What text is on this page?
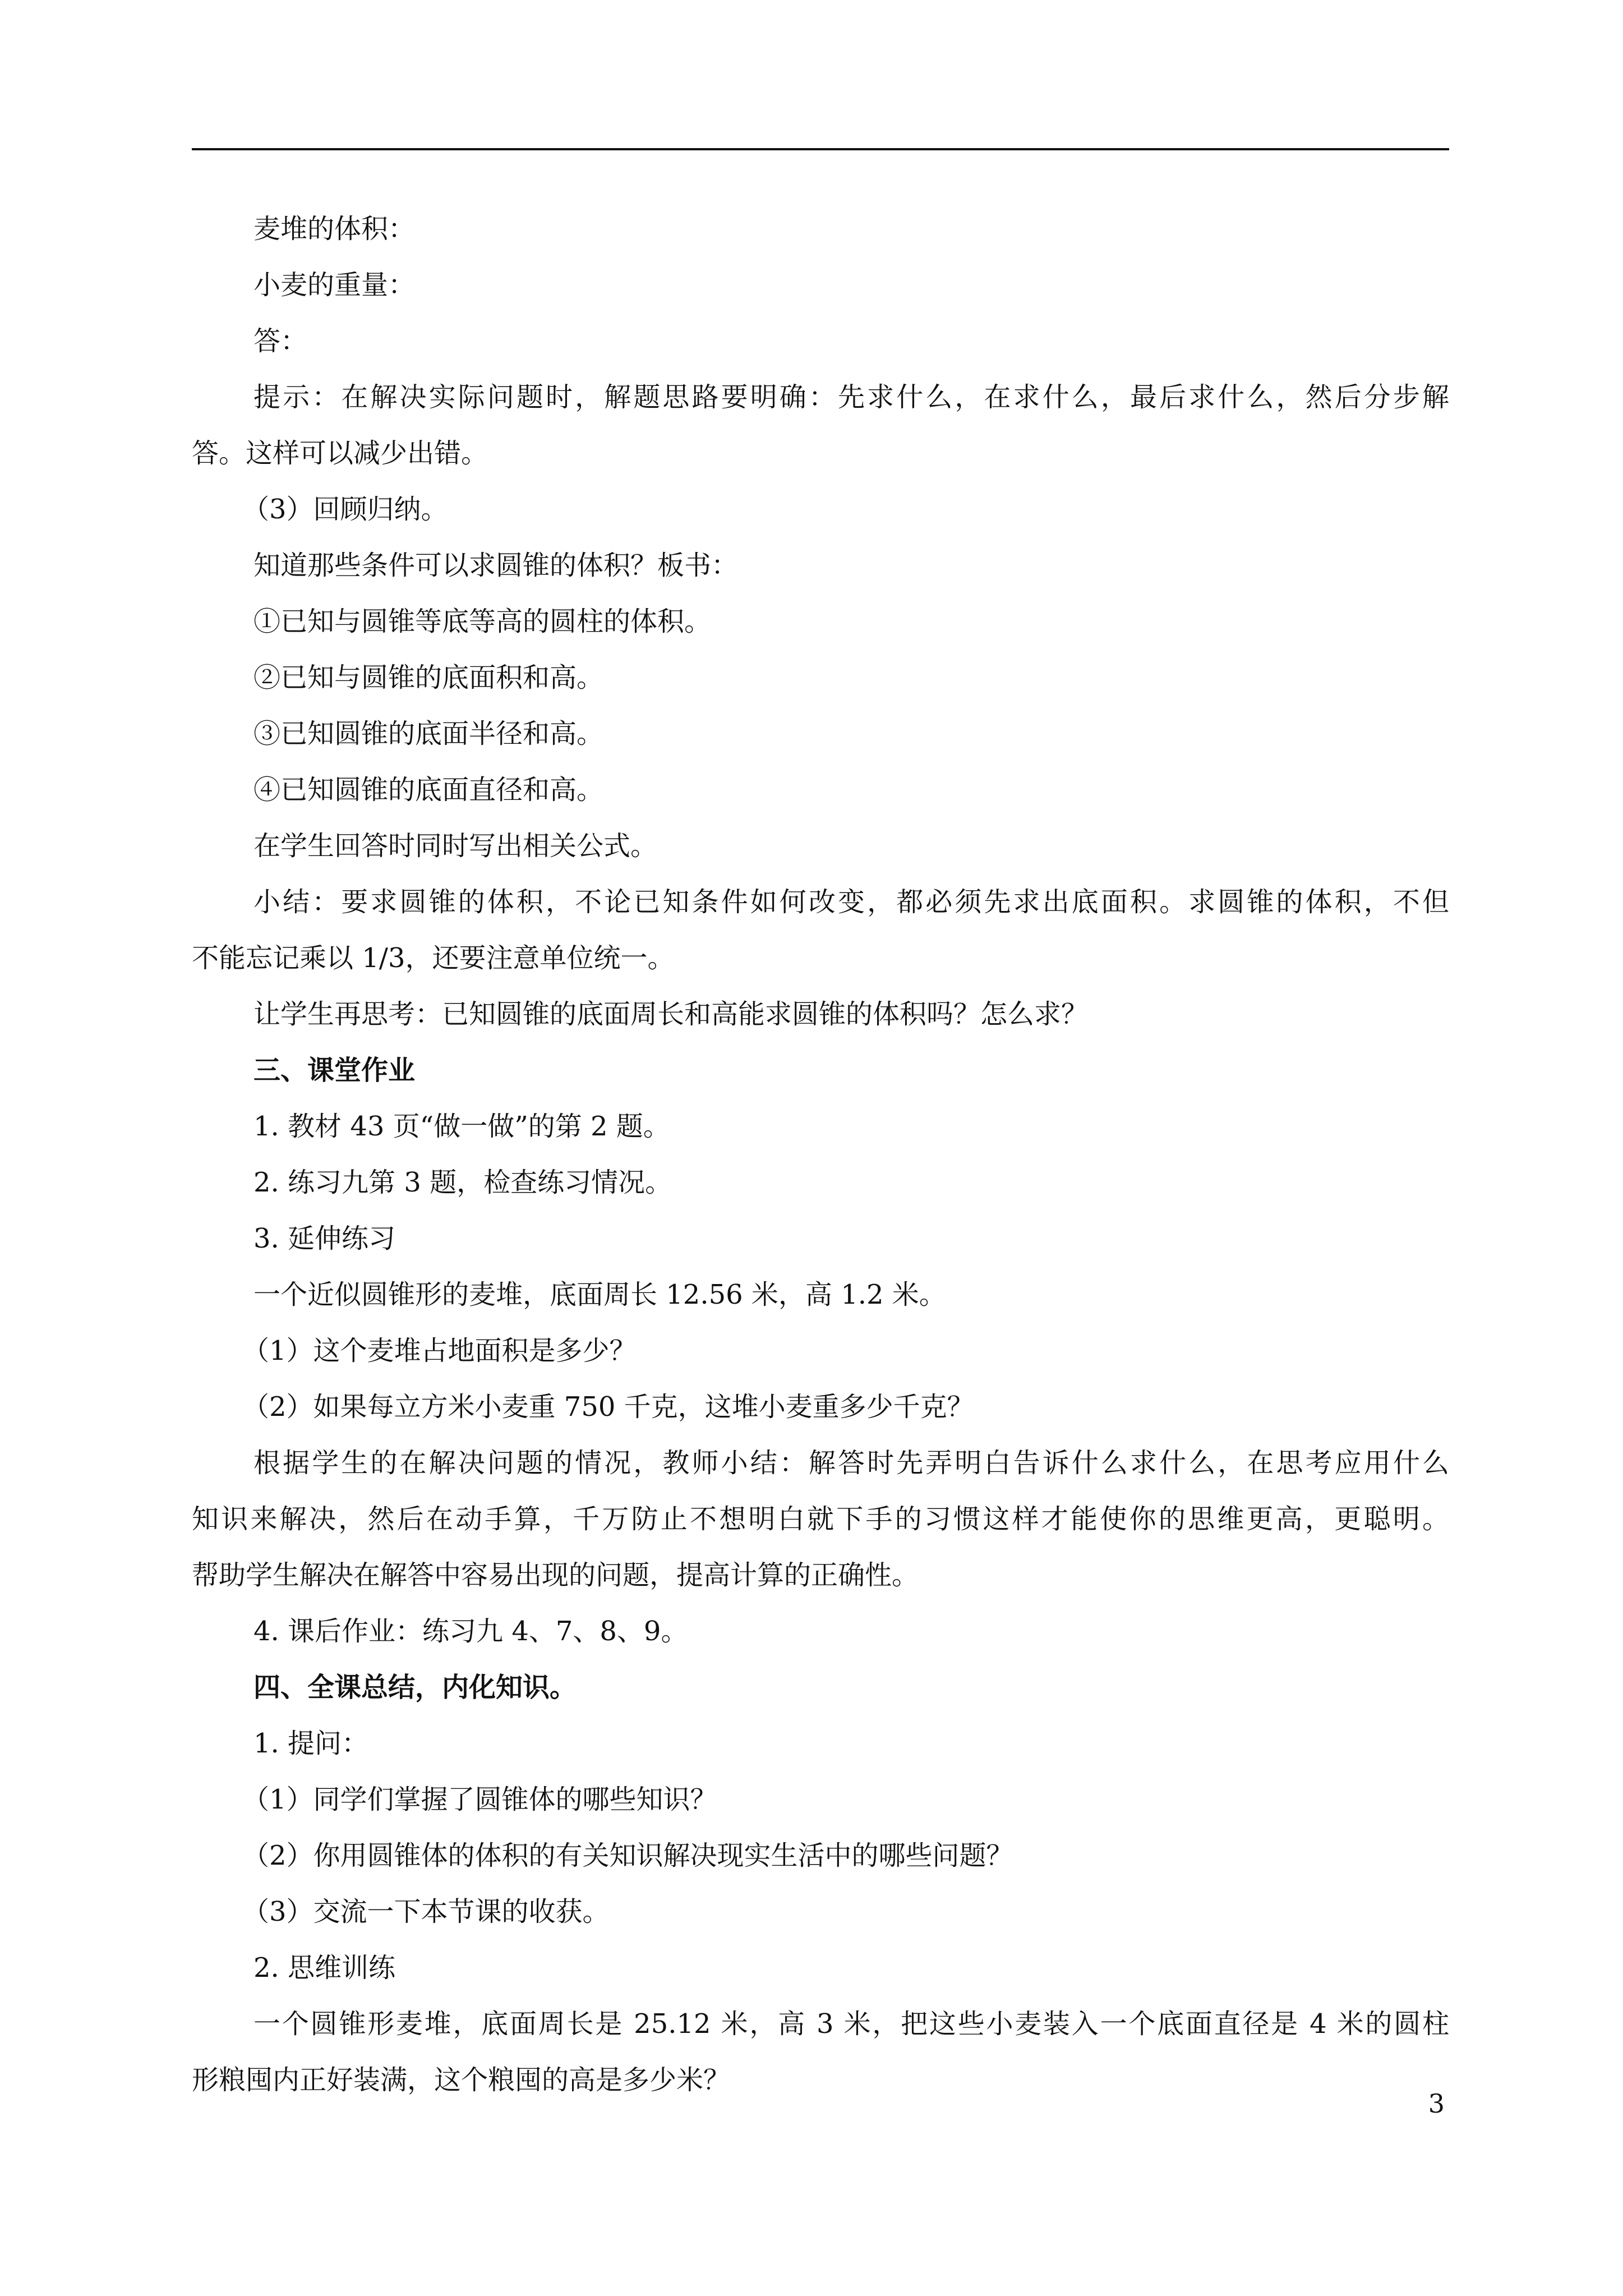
麦堆的体积：
小麦的重量：
答：
提示：在解决实际问题时，解题思路要明确：先求什么，在求什么，最后求什么，然后分步解
答。这样可以减少出错。
（3）回顾归纳。
知道那些条件可以求圆锥的体积？板书：
①已知与圆锥等底等高的圆柱的体积。
②已知与圆锥的底面积和高。
③已知圆锥的底面半径和高。
④已知圆锥的底面直径和高。
在学生回答时同时写出相关公式。
小结：要求圆锥的体积，不论已知条件如何改变，都必须先求出底面积。求圆锥的体积，不但
不能忘记乘以 1/3，还要注意单位统一。
让学生再思考：已知圆锥的底面周长和高能求圆锥的体积吗？怎么求？
三、课堂作业
1. 教材 43 页“做一做”的第 2 题。
2. 练习九第 3 题，检查练习情况。
3. 延伸练习
一个近似圆锥形的麦堆，底面周长 12.56 米，高 1.2 米。
（1）这个麦堆占地面积是多少？
（2）如果每立方米小麦重 750 千克，这堆小麦重多少千克？
根据学生的在解决问题的情况，教师小结：解答时先弄明白告诉什么求什么，在思考应用什么
知识来解决，然后在动手算，千万防止不想明白就下手的习惯这样才能使你的思维更高，更聪明。
帮助学生解决在解答中容易出现的问题，提高计算的正确性。
4. 课后作业：练习九 4、7、8、9。
四、全课总结，内化知识。
1. 提问：
（1）同学们掌握了圆锥体的哪些知识？
（2）你用圆锥体的体积的有关知识解决现实生活中的哪些问题？
（3）交流一下本节课的收获。
2. 思维训练
一个圆锥形麦堆，底面周长是 25.12 米，高 3 米，把这些小麦装入一个底面直径是 4 米的圆柱
形粮囤内正好装满，这个粮囤的高是多少米？
3
